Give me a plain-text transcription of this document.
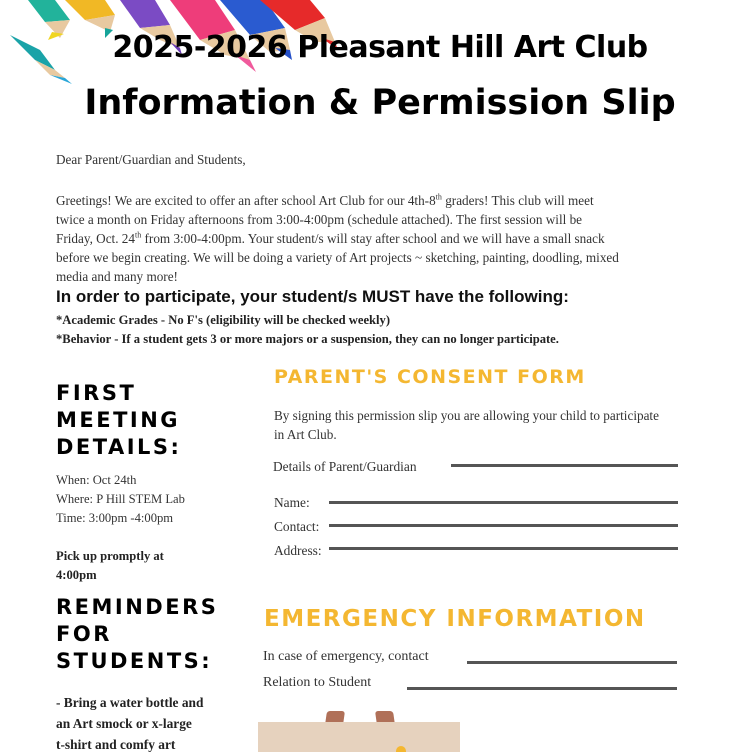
2025-2026 Pleasant Hill Art Club
Information & Permission Slip
Dear Parent/Guardian and Students,
Greetings! We are excited to offer an after school Art Club for our 4th-8th graders! This club will meet
twice a month on Friday afternoons from 3:00-4:00pm (schedule attached). The first session will be
Friday, Oct. 24th from 3:00-4:00pm. Your student/s will stay after school and we will have a small snack
before we begin creating. We will be doing a variety of Art projects ~ sketching, painting, doodling, mixed
media and many more!
In order to participate, your student/s MUST have the following:
*Academic Grades - No F's (eligibility will be checked weekly)
*Behavior - If a student gets 3 or more majors or a suspension, they can no longer participate.
FIRST
MEETING
DETAILS:
When: Oct 24th
Where: P Hill STEM Lab
Time: 3:00pm -4:00pm
Pick up promptly at
4:00pm
REMINDERS
FOR
STUDENTS:
- Bring a water bottle and
an Art smock or x-large
t-shirt and comfy art
PARENT'S CONSENT FORM
By signing this permission slip you are allowing your child to participate
in Art Club.
Details of Parent/Guardian
Name:
Contact:
Address:
EMERGENCY INFORMATION
In case of emergency, contact
Relation to Student
